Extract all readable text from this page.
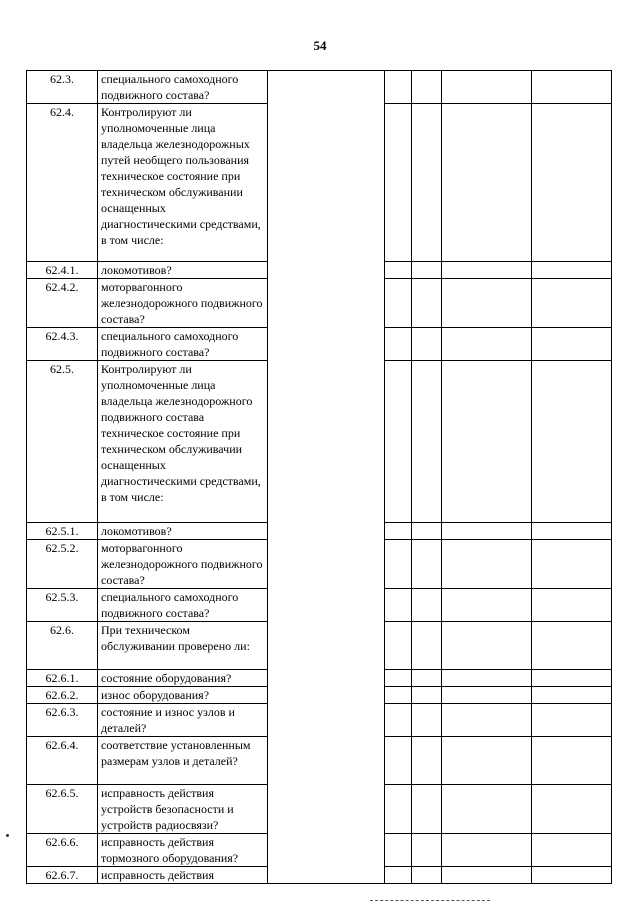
54
62.3.	специального самоходного подвижного состава?					
62.4.	Контролируют ли уполномоченные лица владельца железнодорожных путей необщего пользования техническое состояние при техническом обслуживании оснащенных диагностическими средствами, в том числе:					
62.4.1.	локомотивов?					
62.4.2.	моторвагонного железнодорожного подвижного состава?					
62.4.3.	специального самоходного подвижного состава?					
62.5.	Контролируют ли уполномоченные лица владельца железнодорожного подвижного состава техническое состояние при техническом обслуживачии оснащенных диагностическими средствами, в том числе:					
62.5.1.	локомотивов?					
62.5.2.	моторвагонного железнодорожного подвижного состава?					
62.5.3.	специального самоходного подвижного состава?					
62.6.	При техническом обслуживании проверено ли:					
62.6.1.	состояние оборудования?					
62.6.2.	износ оборудования?					
62.6.3.	состояние и износ узлов и деталей?					
62.6.4.	соответствие установленным размерам узлов и деталей?					
62.6.5.	исправность действия устройств безопасности и устройств радиосвязи?					
62.6.6.	исправность действия тормозного оборудования?					
62.6.7.	исправность действия					
